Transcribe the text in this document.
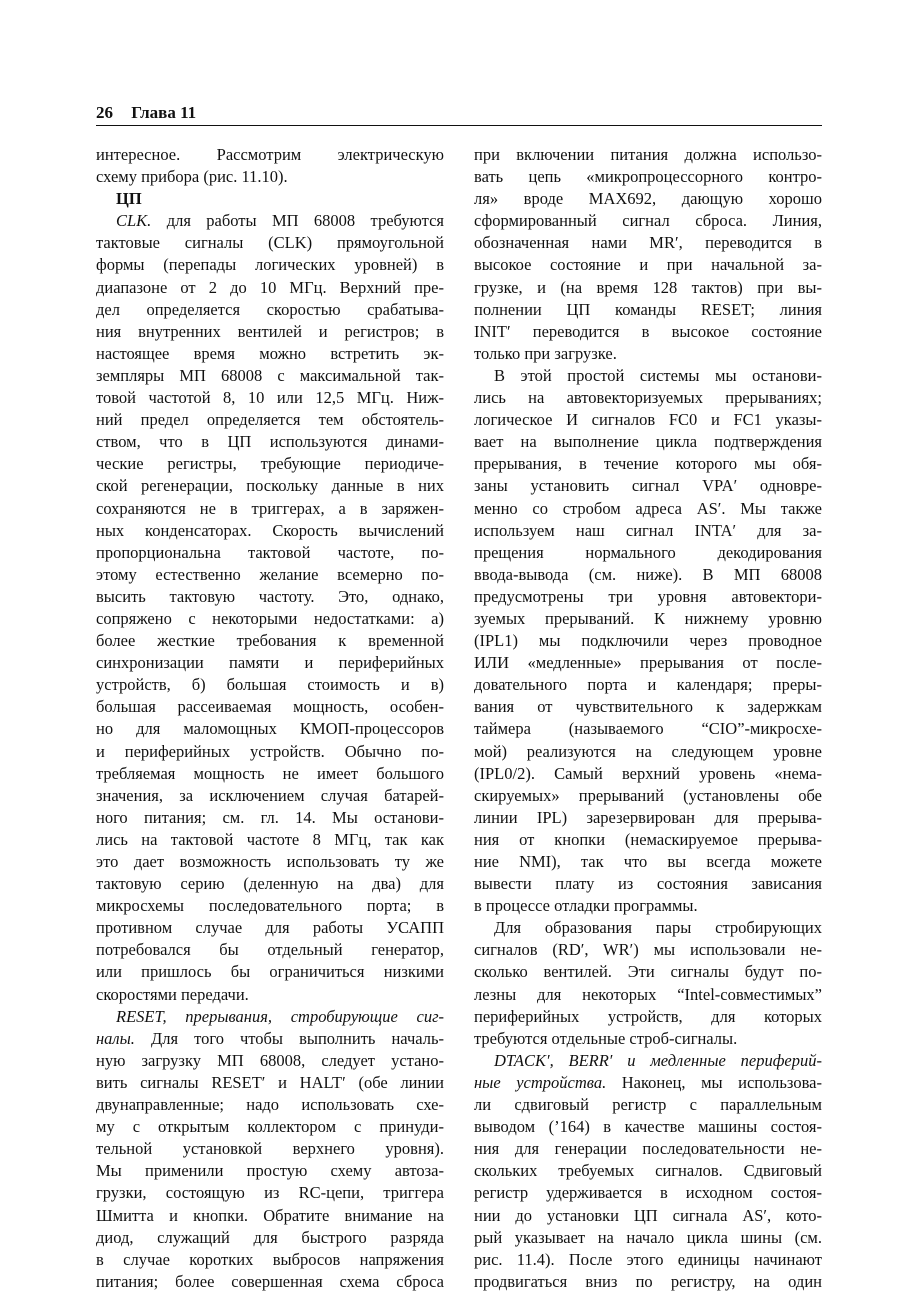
26 Глава 11
интересное. Рассмотрим электрическую
схему прибора (рис. 11.10).
ЦП
CLK. для работы МП 68008 требуются
тактовые сигналы (CLK) прямоугольной
формы (перепады логических уровней) в
диапазоне от 2 до 10 МГц. Верхний пре-
дел определяется скоростью срабатыва-
ния внутренних вентилей и регистров; в
настоящее время можно встретить эк-
земпляры МП 68008 с максимальной так-
товой частотой 8, 10 или 12,5 МГц. Ниж-
ний предел определяется тем обстоятель-
ством, что в ЦП используются динами-
ческие регистры, требующие периодиче-
ской регенерации, поскольку данные в них
сохраняются не в триггерах, а в заряжен-
ных конденсаторах. Скорость вычислений
пропорциональна тактовой частоте, по-
этому естественно желание всемерно по-
высить тактовую частоту. Это, однако,
сопряжено с некоторыми недостатками: а)
более жесткие требования к временной
синхронизации памяти и периферийных
устройств, б) большая стоимость и в)
большая рассеиваемая мощность, особен-
но для маломощных КМОП-процессоров
и периферийных устройств. Обычно по-
требляемая мощность не имеет большого
значения, за исключением случая батарей-
ного питания; см. гл. 14. Мы останови-
лись на тактовой частоте 8 МГц, так как
это дает возможность использовать ту же
тактовую серию (деленную на два) для
микросхемы последовательного порта; в
противном случае для работы УСАПП
потребовался бы отдельный генератор,
или пришлось бы ограничиться низкими
скоростями передачи.
RESET, прерывания, стробирующие сиг-
налы. Для того чтобы выполнить началь-
ную загрузку МП 68008, следует устано-
вить сигналы RESET′ и HALT′ (обе линии
двунаправленные; надо использовать схе-
му с открытым коллектором с принуди-
тельной установкой верхнего уровня).
Мы применили простую схему автоза-
грузки, состоящую из RC-цепи, триггера
Шмитта и кнопки. Обратите внимание на
диод, служащий для быстрого разряда
в случае коротких выбросов напряжения
питания; более совершенная схема сброса
при включении питания должна использо-
вать цепь «микропроцессорного контро-
ля» вроде MAX692, дающую хорошо
сформированный сигнал сброса. Линия,
обозначенная нами MR′, переводится в
высокое состояние и при начальной за-
грузке, и (на время 128 тактов) при вы-
полнении ЦП команды RESET; линия
INIT′ переводится в высокое состояние
только при загрузке.
В этой простой системы мы останови-
лись на автовекторизуемых прерываниях;
логическое И сигналов FC0 и FC1 указы-
вает на выполнение цикла подтверждения
прерывания, в течение которого мы обя-
заны установить сигнал VPA′ одновре-
менно со стробом адреса AS′. Мы также
используем наш сигнал INTA′ для за-
прещения нормального декодирования
ввода-вывода (см. ниже). В МП 68008
предусмотрены три уровня автовектори-
зуемых прерываний. К нижнему уровню
(IPL1) мы подключили через проводное
ИЛИ «медленные» прерывания от после-
довательного порта и календаря; преры-
вания от чувствительного к задержкам
таймера (называемого “CIO”-микросхе-
мой) реализуются на следующем уровне
(IPL0/2). Самый верхний уровень «нема-
скируемых» прерываний (установлены обе
линии IPL) зарезервирован для прерыва-
ния от кнопки (немаскируемое прерыва-
ние NMI), так что вы всегда можете
вывести плату из состояния зависания
в процессе отладки программы.
Для образования пары стробирующих
сигналов (RD′, WR′) мы использовали не-
сколько вентилей. Эти сигналы будут по-
лезны для некоторых “Intel-совместимых”
периферийных устройств, для которых
требуются отдельные строб-сигналы.
DTACK′, BERR′ и медленные периферий-
ные устройства. Наконец, мы использова-
ли сдвиговый регистр с параллельным
выводом (’164) в качестве машины состоя-
ния для генерации последовательности не-
скольких требуемых сигналов. Сдвиговый
регистр удерживается в исходном состоя-
нии до установки ЦП сигнала AS′, кото-
рый указывает на начало цикла шины (см.
рис. 11.4). После этого единицы начинают
продвигаться вниз по регистру, на один
